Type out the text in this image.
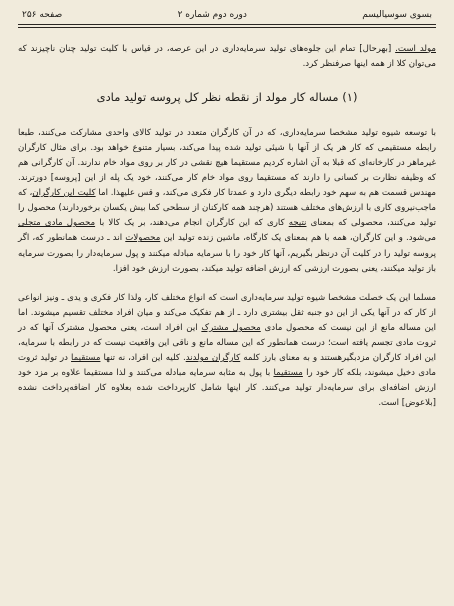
بسوی سوسیالیسم
دوره دوم شماره ۲
صفحه ۲۵۶

مولد است. [بهرحال] تمام این جلوه‌های تولید سرمایه‌داری در این عرصه، در قیاس با کلیت تولید چنان ناچیزند که می‌توان کلا از همه اینها صرفنظر کرد.

(۱) مساله کار مولد از نقطه نظر کل پروسه تولید مادی

با توسعه شیوه تولید مشخصا سرمایه‌داری، که در آن کارگران متعدد در تولید کالای واحدی مشارکت می‌کنند، طبعا رابطه مستقیمی که کار هر یک از آنها با شیئی تولید شده پیدا می‌کند، بسیار متنوع خواهد بود. برای مثال کارگران غیرماهر در کارخانه‌ای که قبلا به آن اشاره کردیم مستقیما هیچ نقشی در کار بر روی مواد خام ندارند. آن کارگرانی هم که وظیفه نظارت بر کسانی را دارند که مستقیما روی مواد خام کار می‌کنند، خود یک پله از این [پروسه] دورترند. مهندس قسمت هم به سهم خود رابطه دیگری دارد و عمدتا کار فکری می‌کند، و قس علیهذا. اما کلیت این کارگران، که ماجب‌نیروی کاری با ارزش‌های مختلف هستند (هرچند همه کارکنان از سطحی کما بیش یکسان برخوردارند) محصول را تولید می‌کنند، محصولی که بمعنای نتیجه کاری که این کارگران انجام می‌دهند، بر یک کالا با محصول مادی متجلی می‌شود. و این کارگران، همه با هم بمعنای یک کارگاه، ماشین زنده تولید این محصولات اند ـ درست همانطور که، اگر پروسه تولید را در کلیت آن درنظر بگیریم، آنها کار خود را با سرمایه مبادله میکنند و پول سرمایه‌دار را بصورت سرمایه باز تولید میکنند، یعنی بصورت ارزشی که ارزش اضافه تولید میکند، بصورت ارزش خود افزا.

مسلما این یک خصلت مشخصا شیوه تولید سرمایه‌داری است که انواع مختلف کار، ولذا کار فکری و یدی ـ ونیز انواعی از کار که در آنها یکی از این دو جنبه ثقل بیشتری دارد ـ از هم تفکیک می‌کند و میان افراد مختلف تقسیم میشوند. اما این مساله مانع از این نیست که محصول مادی محصول مشترک این افراد است، یعنی محصول مشترک آنها که در ثروت مادی تجسم یافته است؛ درست همانطور که این مساله مانع و ناقی این واقعیت نیست که در رابطه با سرمایه، این افراد کارگران مزدبگیرهستند و به معنای بارز کلمه کارگران مولدند. کلیه این افراد، نه تنها مستقیما در تولید ثروت مادی دخیل میشوند، بلکه کار خود را مستقیما با پول به مثابه سرمایه مبادله می‌کنند و لذا مستقیما علاوه بر مزد خود ارزش اضافه‌ای برای سرمایه‌دار تولید می‌کنند. کار اینها شامل کارپرداخت شده بعلاوه کار اضافه‌پرداخت نشده [بلاعوض] است.
